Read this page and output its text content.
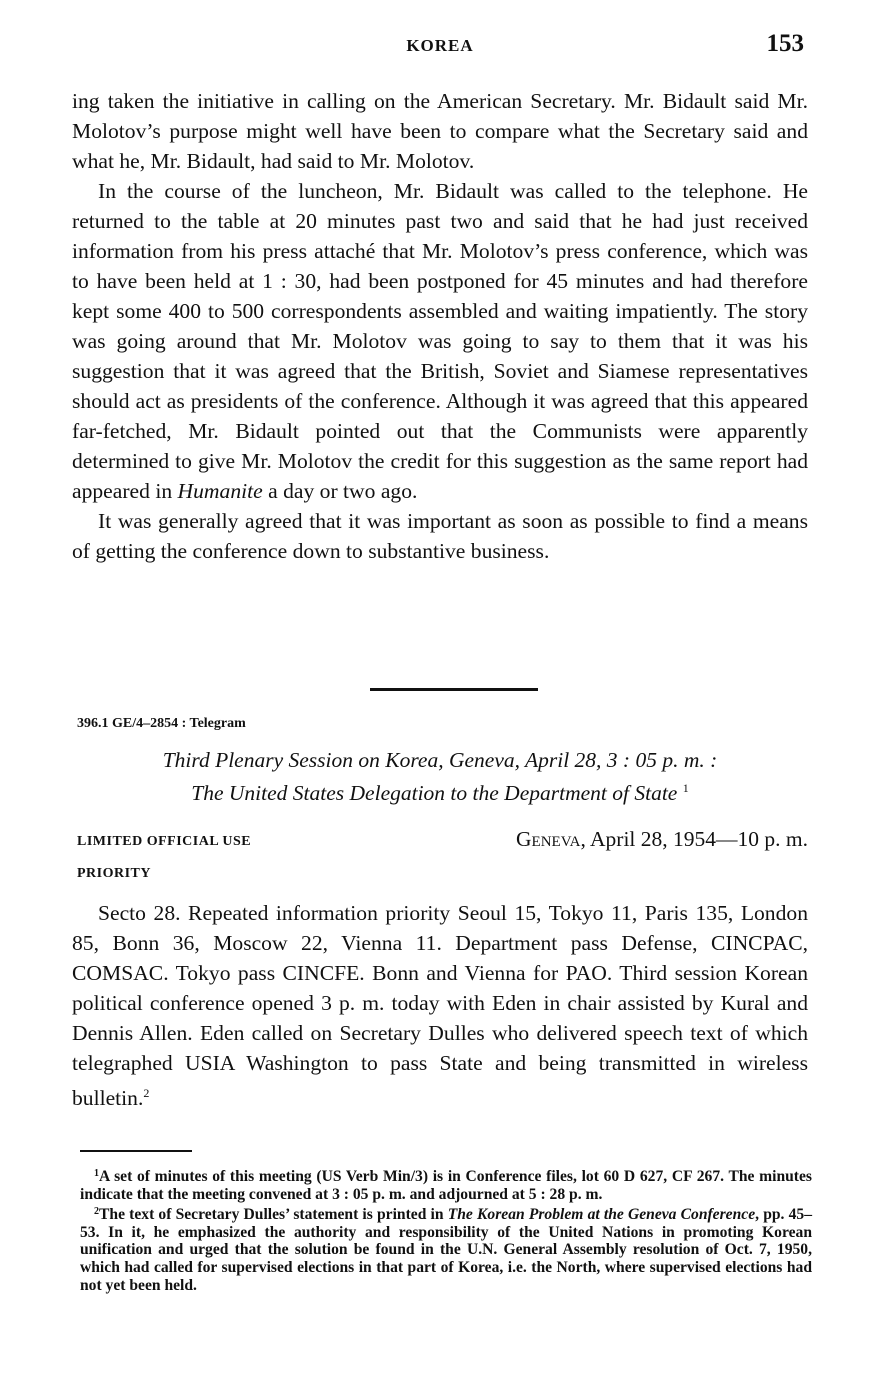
KOREA	153

ing taken the initiative in calling on the American Secretary. Mr. Bidault said Mr. Molotov’s purpose might well have been to compare what the Secretary said and what he, Mr. Bidault, had said to Mr. Molotov.

In the course of the luncheon, Mr. Bidault was called to the telephone. He returned to the table at 20 minutes past two and said that he had just received information from his press attaché that Mr. Molotov’s press conference, which was to have been held at 1 : 30, had been postponed for 45 minutes and had therefore kept some 400 to 500 correspondents assembled and waiting impatiently. The story was going around that Mr. Molotov was going to say to them that it was his suggestion that it was agreed that the British, Soviet and Siamese representatives should act as presidents of the conference. Although it was agreed that this appeared far-fetched, Mr. Bidault pointed out that the Communists were apparently determined to give Mr. Molotov the credit for this suggestion as the same report had appeared in Humanite a day or two ago.

It was generally agreed that it was important as soon as possible to find a means of getting the conference down to substantive business.

396.1 GE/4–2854 : Telegram
Third Plenary Session on Korea, Geneva, April 28, 3 : 05 p. m. :
The United States Delegation to the Department of State $^1$
LIMITED OFFICIAL USE
PRIORITY
Geneva, April 28, 1954—10 p. m.

Secto 28. Repeated information priority Seoul 15, Tokyo 11, Paris 135, London 85, Bonn 36, Moscow 22, Vienna 11. Department pass Defense, CINCPAC, COMSAC. Tokyo pass CINCFE. Bonn and Vienna for PAO. Third session Korean political conference opened 3 p. m. today with Eden in chair assisted by Kural and Dennis Allen. Eden called on Secretary Dulles who delivered speech text of which telegraphed USIA Washington to pass State and being transmitted in wireless bulletin.$^2$

$^1$A set of minutes of this meeting (US Verb Min/3) is in Conference files, lot 60 D 627, CF 267. The minutes indicate that the meeting convened at 3 : 05 p. m. and adjourned at 5 : 28 p. m.

$^2$The text of Secretary Dulles’ statement is printed in The Korean Problem at the Geneva Conference, pp. 45–53. In it, he emphasized the authority and responsibility of the United Nations in promoting Korean unification and urged that the solution be found in the U.N. General Assembly resolution of Oct. 7, 1950, which had called for supervised elections in that part of Korea, i.e. the North, where supervised elections had not yet been held.
